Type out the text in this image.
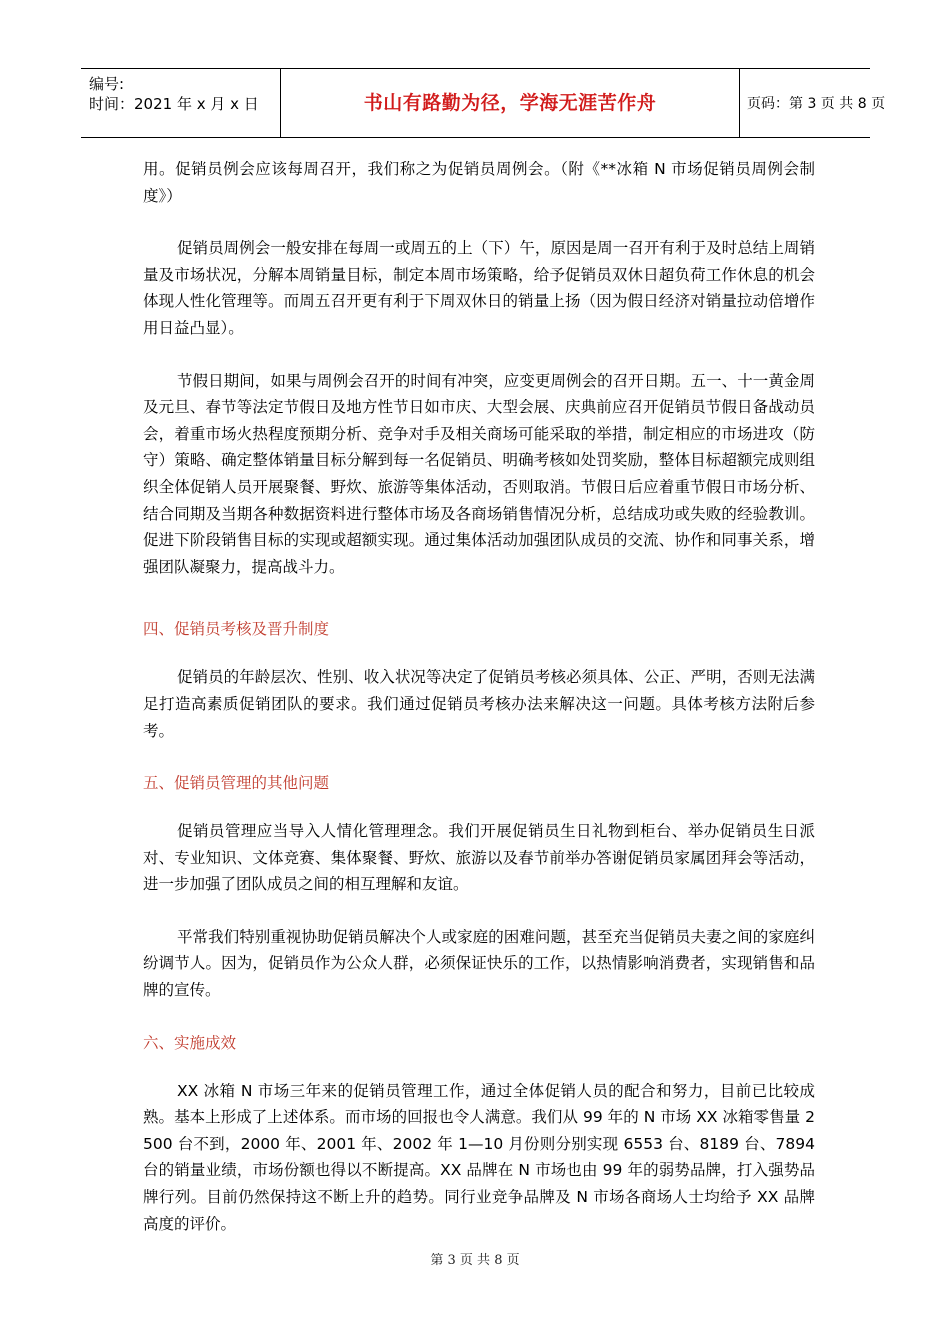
编号:
时间：2021 年 x 月 x 日	书山有路勤为径，学海无涯苦作舟	页码：第 3 页 共 8 页

用。促销员例会应该每周召开，我们称之为促销员周例会。（附《**冰箱 N 市场促销员周例会制度》）

促销员周例会一般安排在每周一或周五的上（下）午，原因是周一召开有利于及时总结上周销量及市场状况，分解本周销量目标，制定本周市场策略，给予促销员双休日超负荷工作休息的机会体现人性化管理等。而周五召开更有利于下周双休日的销量上扬（因为假日经济对销量拉动倍增作用日益凸显）。

节假日期间，如果与周例会召开的时间有冲突，应变更周例会的召开日期。五一、十一黄金周及元旦、春节等法定节假日及地方性节日如市庆、大型会展、庆典前应召开促销员节假日备战动员会，着重市场火热程度预期分析、竞争对手及相关商场可能采取的举措，制定相应的市场进攻（防守）策略、确定整体销量目标分解到每一名促销员、明确考核如处罚奖励，整体目标超额完成则组织全体促销人员开展聚餐、野炊、旅游等集体活动，否则取消。节假日后应着重节假日市场分析、结合同期及当期各种数据资料进行整体市场及各商场销售情况分析，总结成功或失败的经验教训。促进下阶段销售目标的实现或超额实现。通过集体活动加强团队成员的交流、协作和同事关系，增强团队凝聚力，提高战斗力。

四、促销员考核及晋升制度

促销员的年龄层次、性别、收入状况等决定了促销员考核必须具体、公正、严明，否则无法满足打造高素质促销团队的要求。我们通过促销员考核办法来解决这一问题。具体考核方法附后参考。

五、促销员管理的其他问题

促销员管理应当导入人情化管理理念。我们开展促销员生日礼物到柜台、举办促销员生日派对、专业知识、文体竞赛、集体聚餐、野炊、旅游以及春节前举办答谢促销员家属团拜会等活动，进一步加强了团队成员之间的相互理解和友谊。

平常我们特别重视协助促销员解决个人或家庭的困难问题，甚至充当促销员夫妻之间的家庭纠纷调节人。因为，促销员作为公众人群，必须保证快乐的工作，以热情影响消费者，实现销售和品牌的宣传。

六、实施成效

XX 冰箱 N 市场三年来的促销员管理工作，通过全体促销人员的配合和努力，目前已比较成熟。基本上形成了上述体系。而市场的回报也令人满意。我们从 99 年的 N 市场 XX 冰箱零售量 2500 台不到，2000 年、2001 年、2002 年 1—10 月份则分别实现 6553 台、8189 台、7894 台的销量业绩，市场份额也得以不断提高。XX 品牌在 N 市场也由 99 年的弱势品牌，打入强势品牌行列。目前仍然保持这不断上升的趋势。同行业竞争品牌及 N 市场各商场人士均给予 XX 品牌高度的评价。

第 3 页 共 8 页
